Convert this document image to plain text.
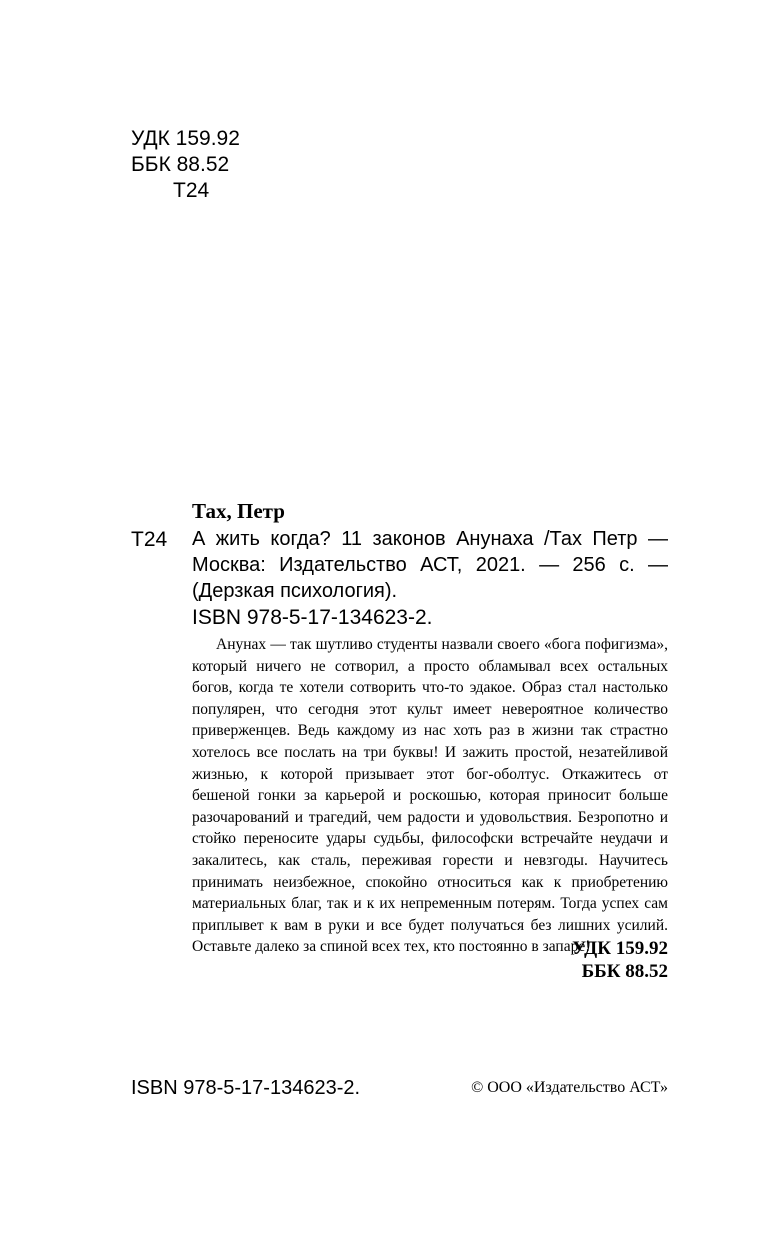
УДК 159.92
ББК 88.52
Т24
Тах, Петр
Т24 А жить когда? 11 законов Анунаха /Тах Петр — Москва: Издательство АСТ, 2021. — 256 с. — (Дерзкая психология).
ISBN 978-5-17-134623-2.
Анунах — так шутливо студенты назвали своего «бога пофигизма», который ничего не сотворил, а просто обламывал всех остальных богов, когда те хотели сотворить что-то эдакое. Образ стал настолько популярен, что сегодня этот культ имеет невероятное количество приверженцев. Ведь каждому из нас хоть раз в жизни так страстно хотелось все послать на три буквы! И зажить простой, незатейливой жизнью, к которой призывает этот бог-оболтус. Откажитесь от бешеной гонки за карьерой и роскошью, которая приносит больше разочарований и трагедий, чем радости и удовольствия. Безропотно и стойко переносите удары судьбы, философски встречайте неудачи и закалитесь, как сталь, переживая горести и невзгоды. Научитесь принимать неизбежное, спокойно относиться как к приобретению материальных благ, так и к их непременным потерям. Тогда успех сам приплывет к вам в руки и все будет получаться без лишних усилий. Оставьте далеко за спиной всех тех, кто постоянно в запаре!
УДК 159.92
ББК 88.52
ISBN 978-5-17-134623-2.	© ООО «Издательство АСТ»
